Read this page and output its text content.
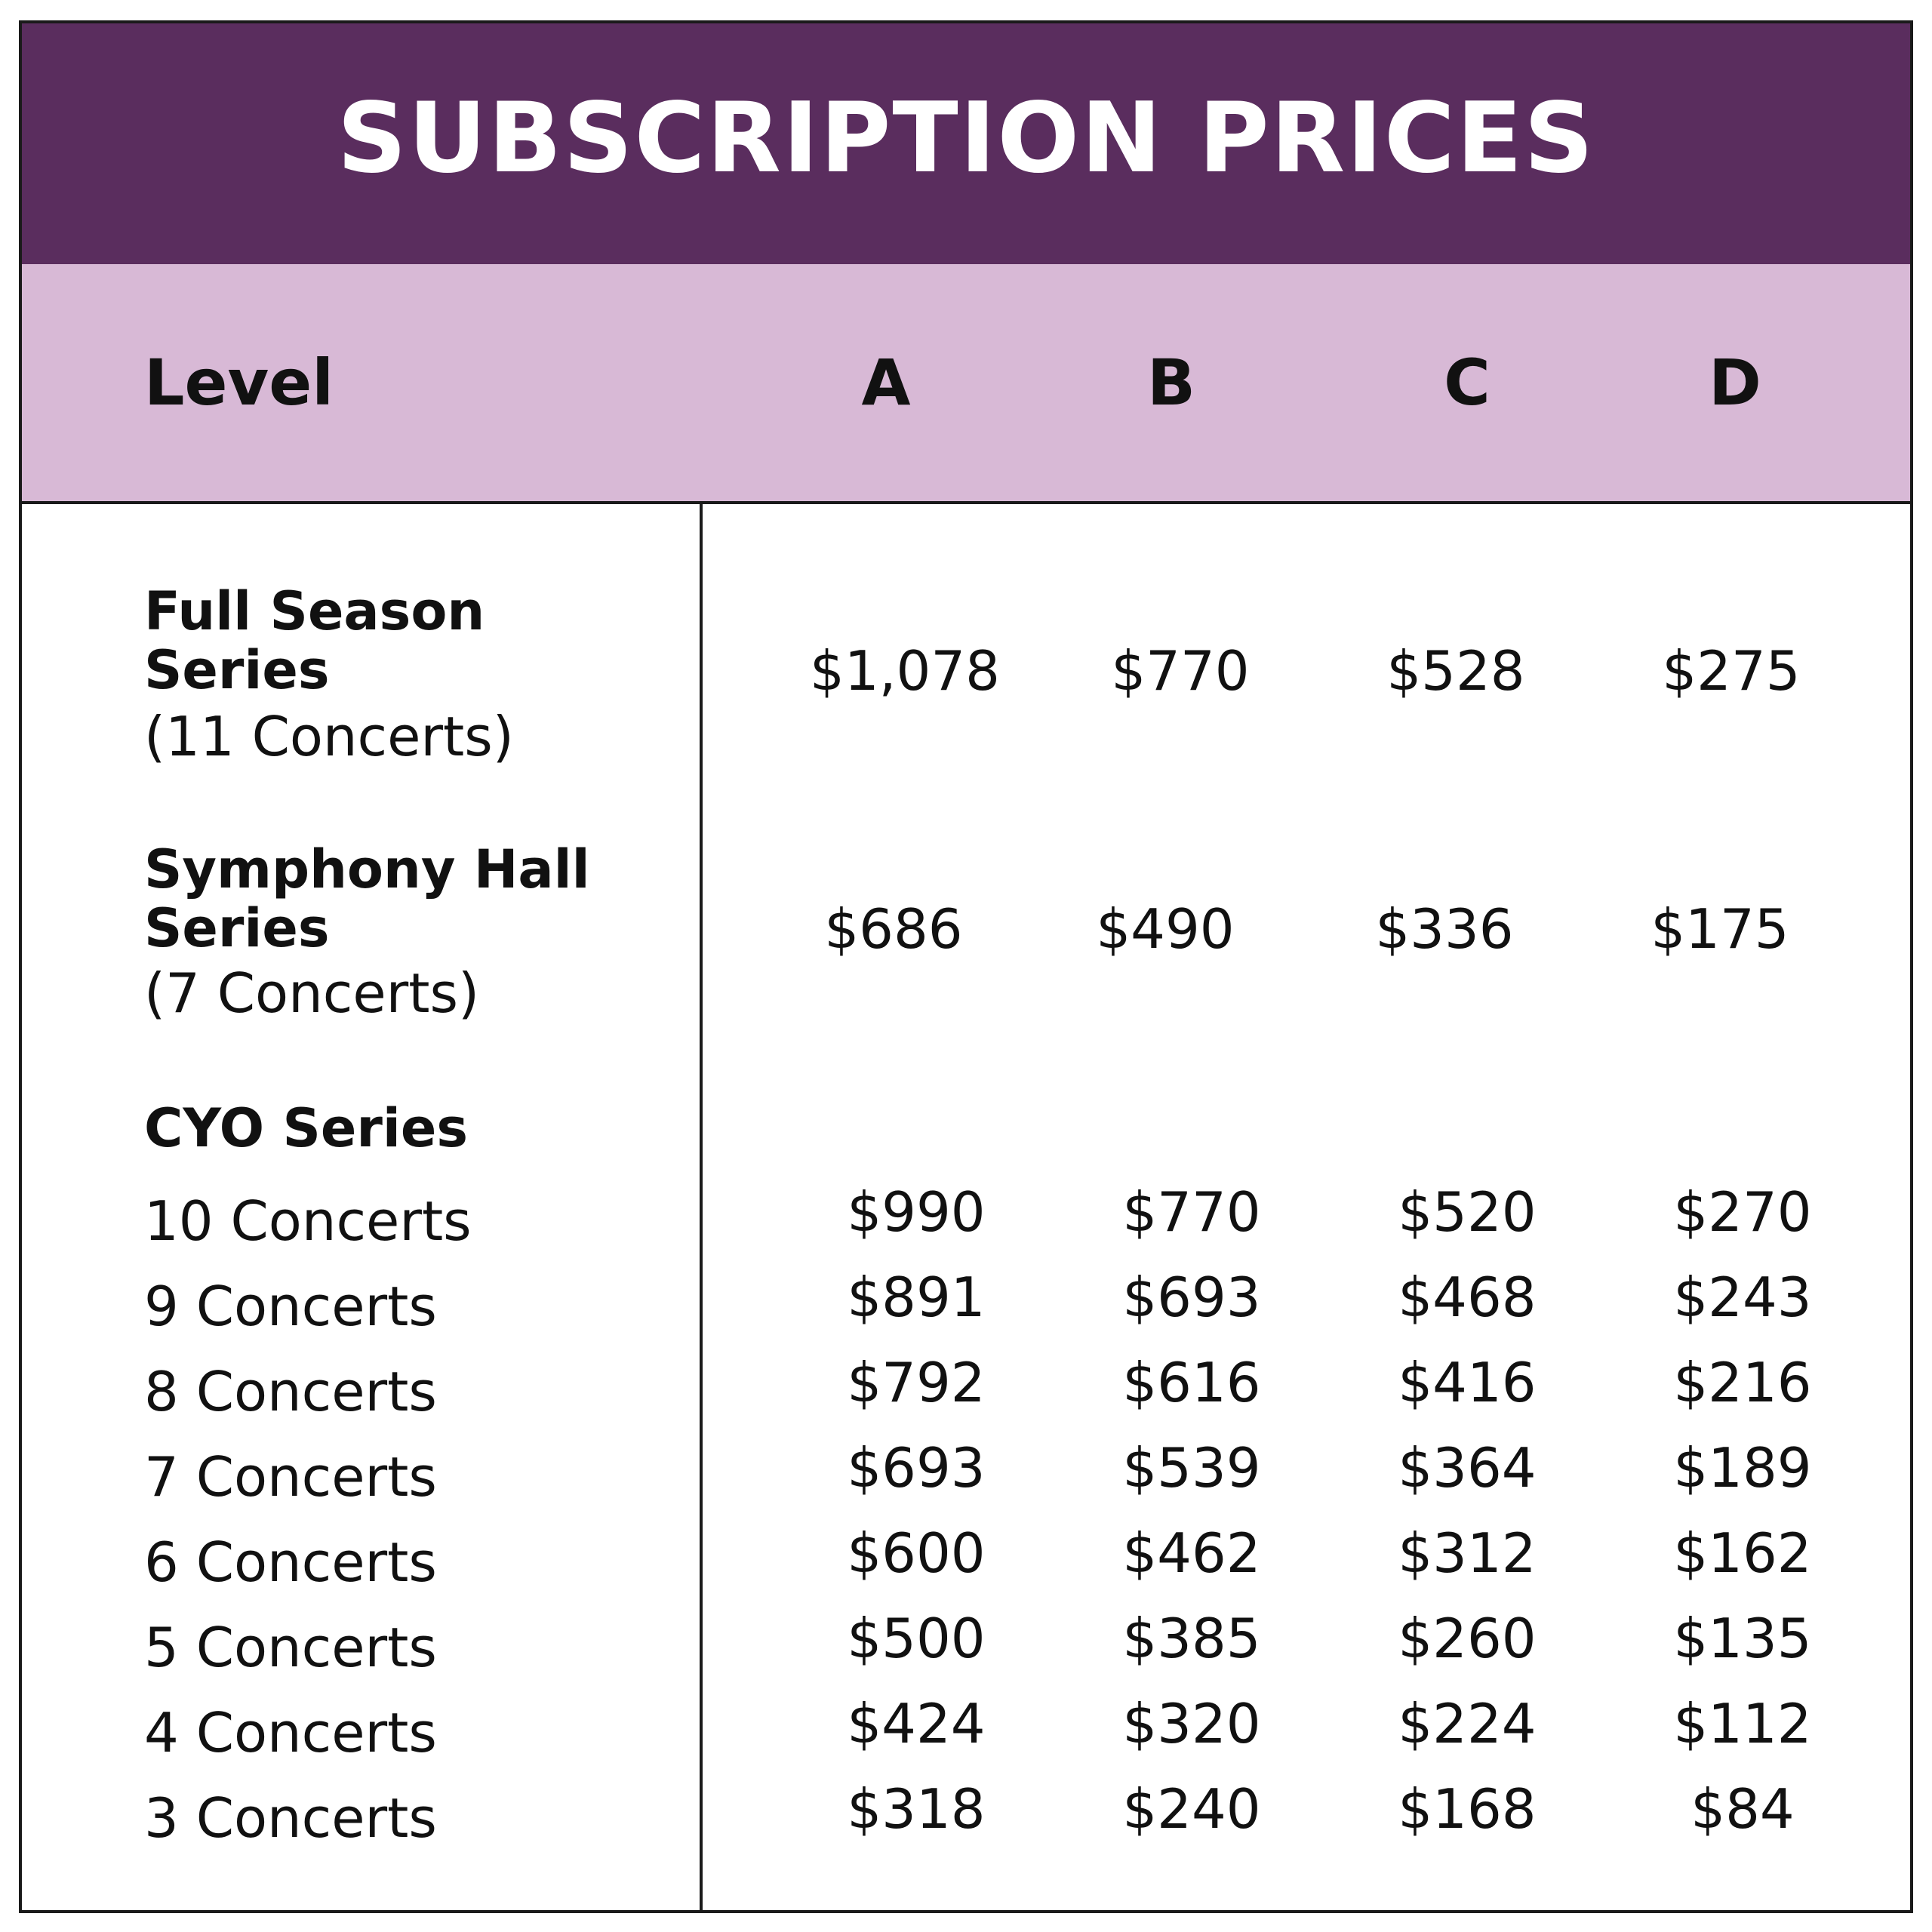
SUBSCRIPTION PRICES
Level	A	B	C	D
Full Season
Series
(11 Concerts)
$1,078	$770	$528	$275
Symphony Hall
Series
(7 Concerts)
$686	$490	$336	$175
CYO Series
10 Concerts	$990	$770	$520	$270
9 Concerts	$891	$693	$468	$243
8 Concerts	$792	$616	$416	$216
7 Concerts	$693	$539	$364	$189
6 Concerts	$600	$462	$312	$162
5 Concerts	$500	$385	$260	$135
4 Concerts	$424	$320	$224	$112
3 Concerts	$318	$240	$168	$84
